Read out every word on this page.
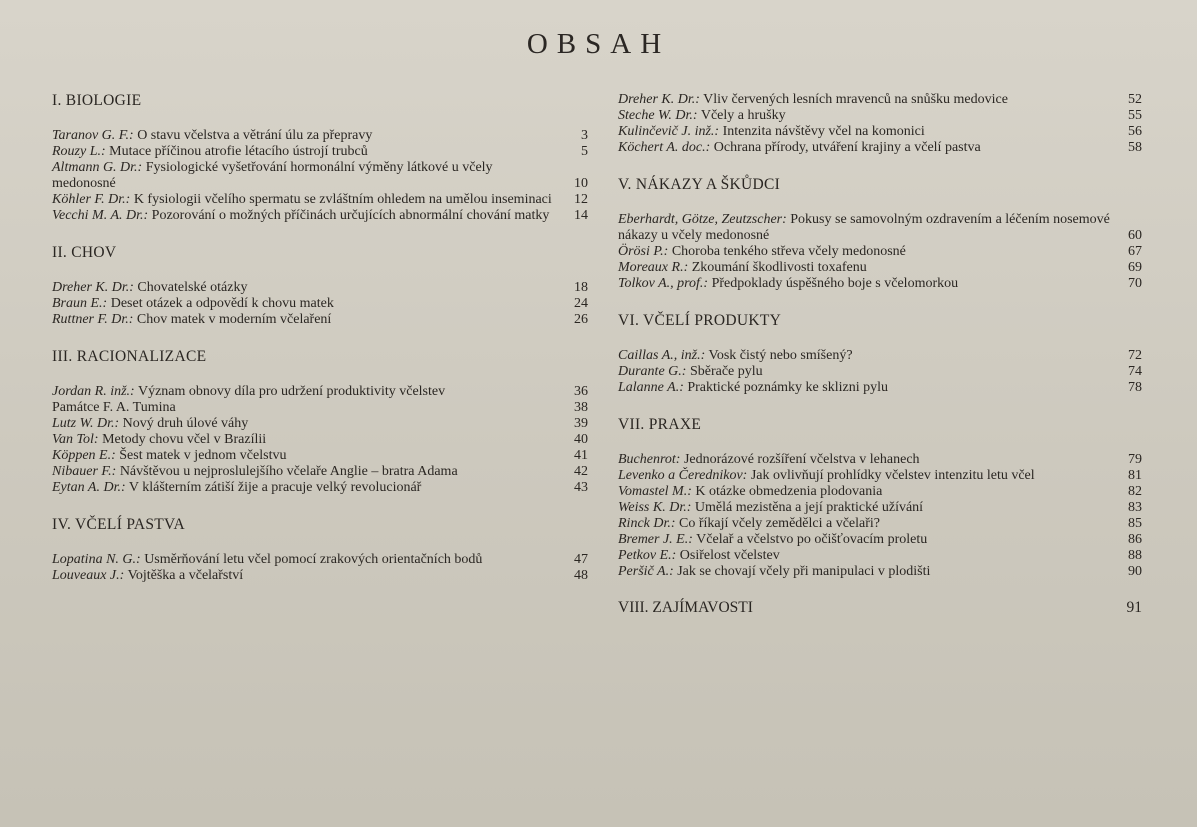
OBSAH
I. BIOLOGIE
Taranov G. F.: O stavu včelstva a větrání úlu za přepravy	3
Rouzy L.: Mutace příčinou atrofie létacího ústrojí trubců	5
Altmann G. Dr.: Fysiologické vyšetřování hormonální výměny látkové u včely medonosné	10
Köhler F. Dr.: K fysiologii včelího spermatu se zvláštním ohledem na umělou inseminaci	12
Vecchi M. A. Dr.: Pozorování o možných příčinách určujících abnormální chování matky	14
II. CHOV
Dreher K. Dr.: Chovatelské otázky	18
Braun E.: Deset otázek a odpovědí k chovu matek	24
Ruttner F. Dr.: Chov matek v moderním včelaření	26
III. RACIONALIZACE
Jordan R. inž.: Význam obnovy díla pro udržení produktivity včelstev	36
Památce F. A. Tumina	38
Lutz W. Dr.: Nový druh úlové váhy	39
Van Tol: Metody chovu včel v Brazílii	40
Köppen E.: Šest matek v jednom včelstvu	41
Nibauer F.: Návštěvou u nejproslulejšího včelaře Anglie – bratra Adama	42
Eytan A. Dr.: V klášterním zátiší žije a pracuje velký revolucionář	43
IV. VČELÍ PASTVA
Lopatina N. G.: Usměrňování letu včel pomocí zrakových orientačních bodů	47
Louveaux J.: Vojtěška a včelařství	48
Dreher K. Dr.: Vliv červených lesních mravenců na snůšku medovice	52
Steche W. Dr.: Včely a hrušky	55
Kulinčevič J. inž.: Intenzita návštěvy včel na komonici	56
Köchert A. doc.: Ochrana přírody, utváření krajiny a včelí pastva	58
V. NÁKAZY A ŠKŮDCI
Eberhardt, Götze, Zeutzscher: Pokusy se samovolným ozdravením a léčením nosemové nákazy u včely medonosné	60
Örösi P.: Choroba tenkého střeva včely medonosné	67
Moreaux R.: Zkoumání škodlivosti toxafenu	69
Tolkov A., prof.: Předpoklady úspěšného boje s včelomorkou	70
VI. VČELÍ PRODUKTY
Caillas A., inž.: Vosk čistý nebo smíšený?	72
Durante G.: Sběrače pylu	74
Lalanne A.: Praktické poznámky ke sklizni pylu	78
VII. PRAXE
Buchenrot: Jednorázové rozšíření včelstva v lehanech	79
Levenko a Čerednikov: Jak ovlivňují prohlídky včelstev intenzitu letu včel	81
Vomastel M.: K otázke obmedzenia plodovania	82
Weiss K. Dr.: Umělá mezistěna a její praktické užívání	83
Rinck Dr.: Co říkají včely zemědělci a včelaři?	85
Bremer J. E.: Včelař a včelstvo po očišťovacím proletu	86
Petkov E.: Osiřelost včelstev	88
Peršič A.: Jak se chovají včely při manipulaci v plodišti	90
VIII. ZAJÍMAVOSTI	91
